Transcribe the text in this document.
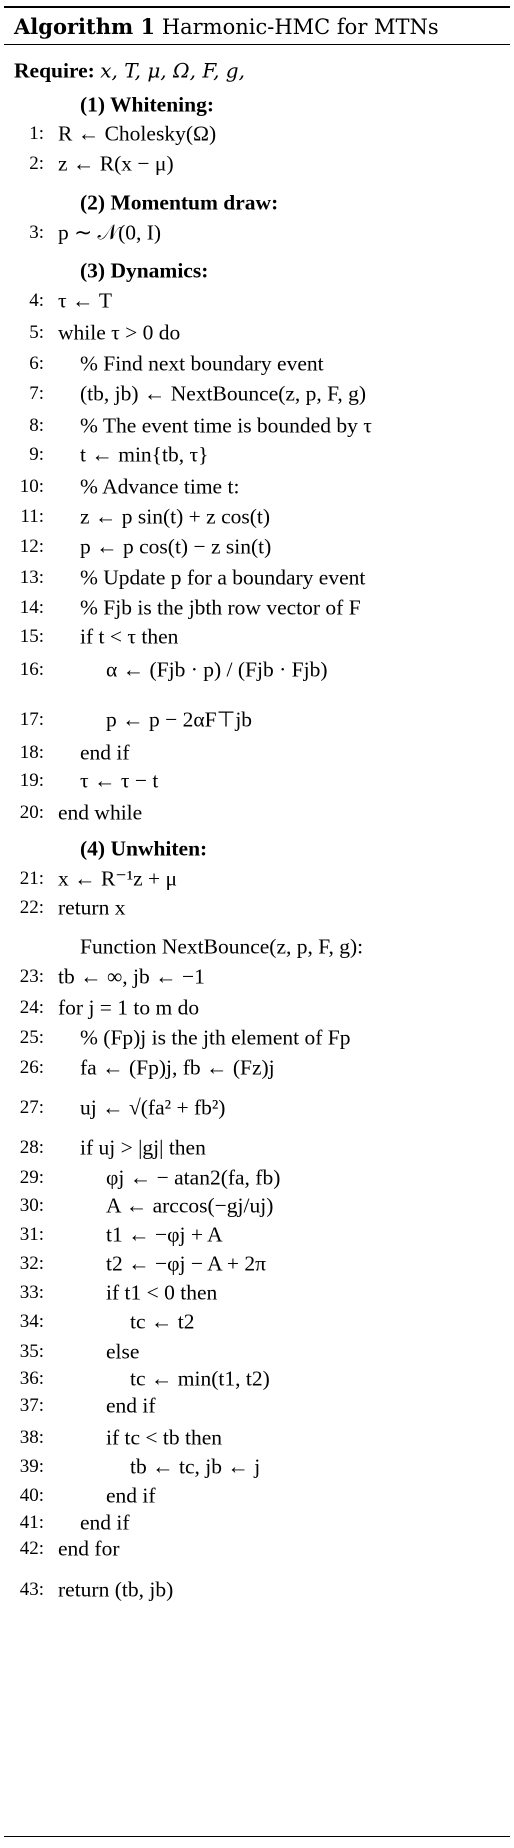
Algorithm 1 Harmonic-HMC for MTNs
Require: x, T, μ, Ω, F, g,
(1) Whitening:
1: R ← Cholesky(Ω)
2: z ← R(x − μ)
(2) Momentum draw:
3: p ∼ 𝒩(0, I)
(3) Dynamics:
4: τ ← T
5: while τ > 0 do
6: % Find next boundary event
7: (tb, jb) ← NextBounce(z, p, F, g)
8: % The event time is bounded by τ
9: t ← min{tb, τ}
10: % Advance time t:
11: z ← p sin(t) + z cos(t)
12: p ← p cos(t) − z sin(t)
13: % Update p for a boundary event
14: % Fjb is the jbth row vector of F
15: if t < τ then
16:	α ← (Fjb · p) / (Fjb · Fjb)
17:	p ← p − 2αF⊤jb
18: end if
19: τ ← τ − t
20: end while
(4) Unwhiten:
21: x ← R⁻¹z + μ
22: return x
Function NextBounce(z, p, F, g):
23: tb ← ∞, jb ← −1
24: for j = 1 to m do
25: % (Fp)j is the jth element of Fp
26: fa ← (Fp)j, fb ← (Fz)j
27: uj ← √(fa² + fb²)
28: if uj > |gj| then
29:	φj ← − atan2(fa, fb)
30:	A ← arccos(−gj/uj)
31:	t1 ← −φj + A
32:	t2 ← −φj − A + 2π
33:	if t1 < 0 then
34:	tc ← t2
35:	else
36:	tc ← min(t1, t2)
37:	end if
38:	if tc < tb then
39:	tb ← tc, jb ← j
40:	end if
41: end if
42: end for
43: return (tb, jb)
